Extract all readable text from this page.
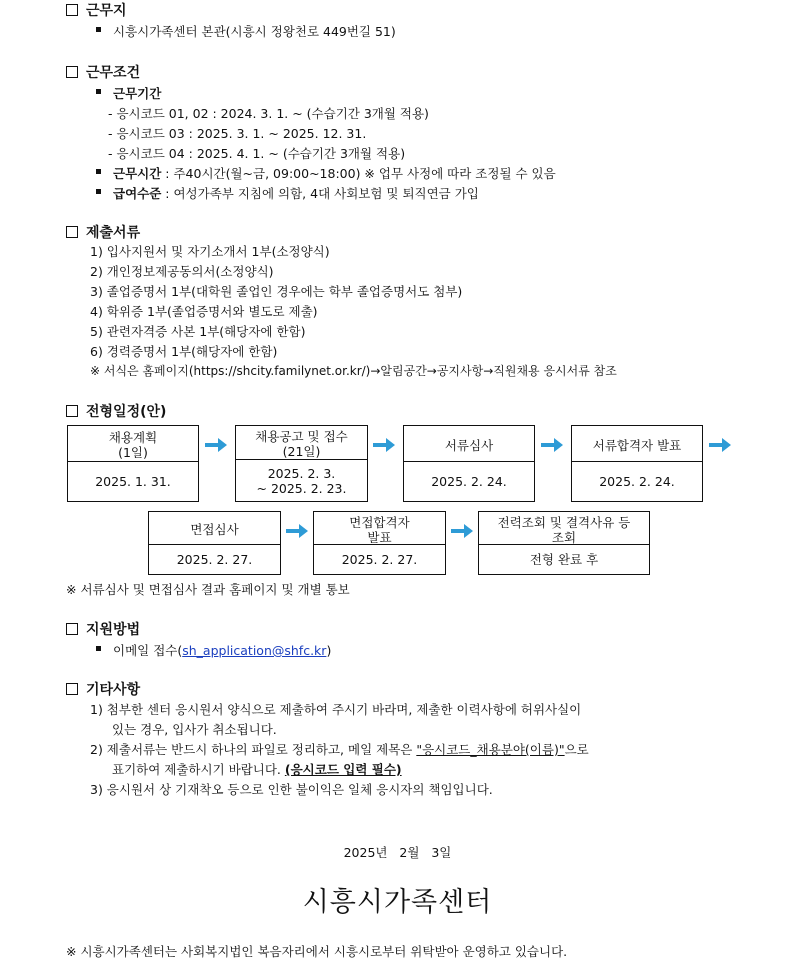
근무지
시흥시가족센터 본관(시흥시 정왕천로 449번길 51)
근무조건
근무기간
- 응시코드 01, 02 : 2024. 3. 1. ~ (수습기간 3개월 적용)
- 응시코드 03 : 2025. 3. 1. ~ 2025. 12. 31.
- 응시코드 04 : 2025. 4. 1. ~ (수습기간 3개월 적용)
근무시간 : 주40시간(월~금, 09:00~18:00) ※ 업무 사정에 따라 조정될 수 있음
급여수준 : 여성가족부 지침에 의함, 4대 사회보험 및 퇴직연금 가입
제출서류
1) 입사지원서 및 자기소개서 1부(소정양식)
2) 개인정보제공동의서(소정양식)
3) 졸업증명서 1부(대학원 졸업인 경우에는 학부 졸업증명서도 첨부)
4) 학위증 1부(졸업증명서와 별도로 제출)
5) 관련자격증 사본 1부(해당자에 한함)
6) 경력증명서 1부(해당자에 한함)
※ 서식은 홈페이지(https://shcity.familynet.or.kr/)→알림공간→공지사항→직원채용 응시서류 참조
전형일정(안)
채용계획
(1일)
2025. 1. 31.
채용공고 및 접수
(21일)
2025. 2. 3.
~ 2025. 2. 23.
서류심사
2025. 2. 24.
서류합격자 발표
2025. 2. 24.
면접심사
2025. 2. 27.
면접합격자
발표
2025. 2. 27.
전력조회 및 결격사유 등
조회
전형 완료 후
※ 서류심사 및 면접심사 결과 홈페이지 및 개별 통보
지원방법
이메일 접수(sh_application@shfc.kr)
기타사항
1) 첨부한 센터 응시원서 양식으로 제출하여 주시기 바라며, 제출한 이력사항에 허위사실이
있는 경우, 입사가 취소됩니다.
2) 제출서류는 반드시 하나의 파일로 정리하고, 메일 제목은 "응시코드_채용분야(이름)"으로
표기하여 제출하시기 바랍니다. (응시코드 입력 필수)
3) 응시원서 상 기재착오 등으로 인한 불이익은 일체 응시자의 책임입니다.
2025년   2월   3일
시흥시가족센터
※ 시흥시가족센터는 사회복지법인 복음자리에서 시흥시로부터 위탁받아 운영하고 있습니다.
